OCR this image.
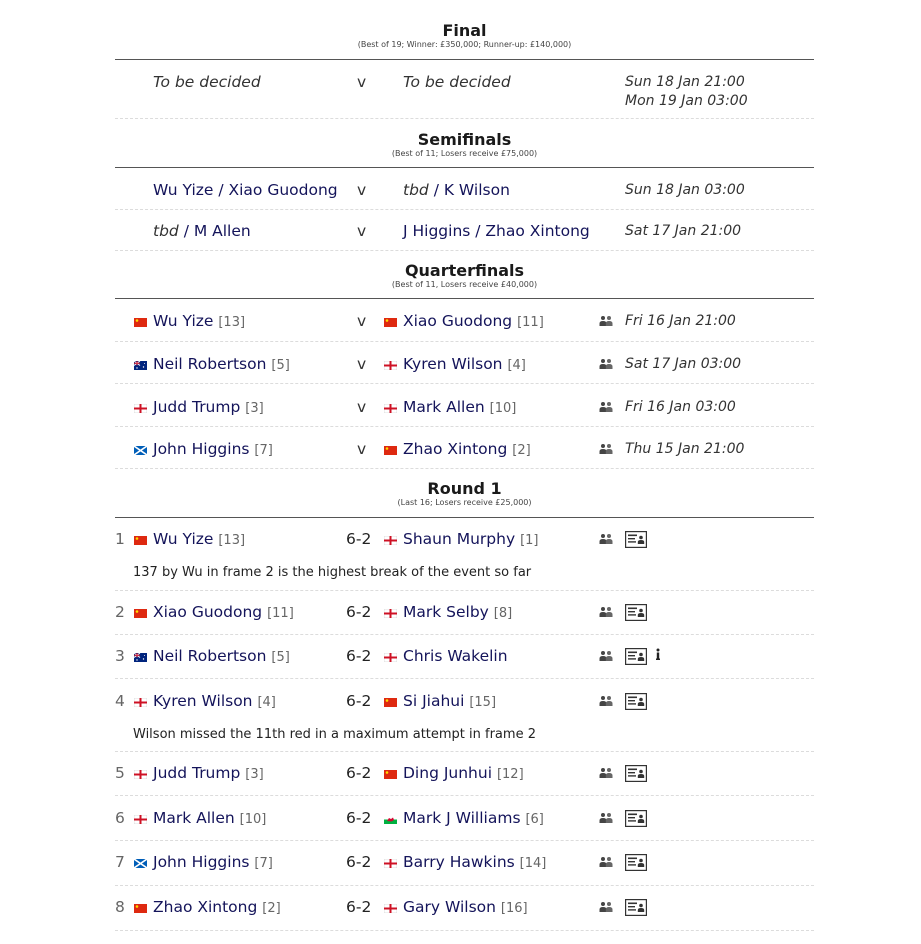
Final
(Best of 19; Winner: £350,000; Runner-up: £140,000)
To be decided	v To be decided	Sun 18 Jan 21:00
Mon 19 Jan 03:00
Semifinals
(Best of 11; Losers receive £75,000)
Wu Yize / Xiao Guodong v tbd / K Wilson	Sun 18 Jan 03:00
tbd / M Allen	v J Higgins / Zhao Xintong	Sat 17 Jan 21:00
Quarterfinals
(Best of 11, Losers receive £40,000)
Wu Yize [13]	v Xiao Guodong [11]	Fri 16 Jan 21:00
Neil Robertson [5]	v Kyren Wilson [4]	Sat 17 Jan 03:00
Judd Trump [3]	v Mark Allen [10]	Fri 16 Jan 03:00
John Higgins [7]	v Zhao Xintong [2]	Thu 15 Jan 21:00
Round 1
(Last 16; Losers receive £25,000)
1 Wu Yize [13]	6-2 Shaun Murphy [1]
137 by Wu in frame 2 is the highest break of the event so far
2 Xiao Guodong [11]	6-2 Mark Selby [8]
3 Neil Robertson [5]	6-2 Chris Wakelin
4 Kyren Wilson [4]	6-2 Si Jiahui [15]
Wilson missed the 11th red in a maximum attempt in frame 2
5 Judd Trump [3]	6-2 Ding Junhui [12]
6 Mark Allen [10]	6-2 Mark J Williams [6]
7 John Higgins [7]	6-2 Barry Hawkins [14]
8 Zhao Xintong [2]	6-2 Gary Wilson [16]
